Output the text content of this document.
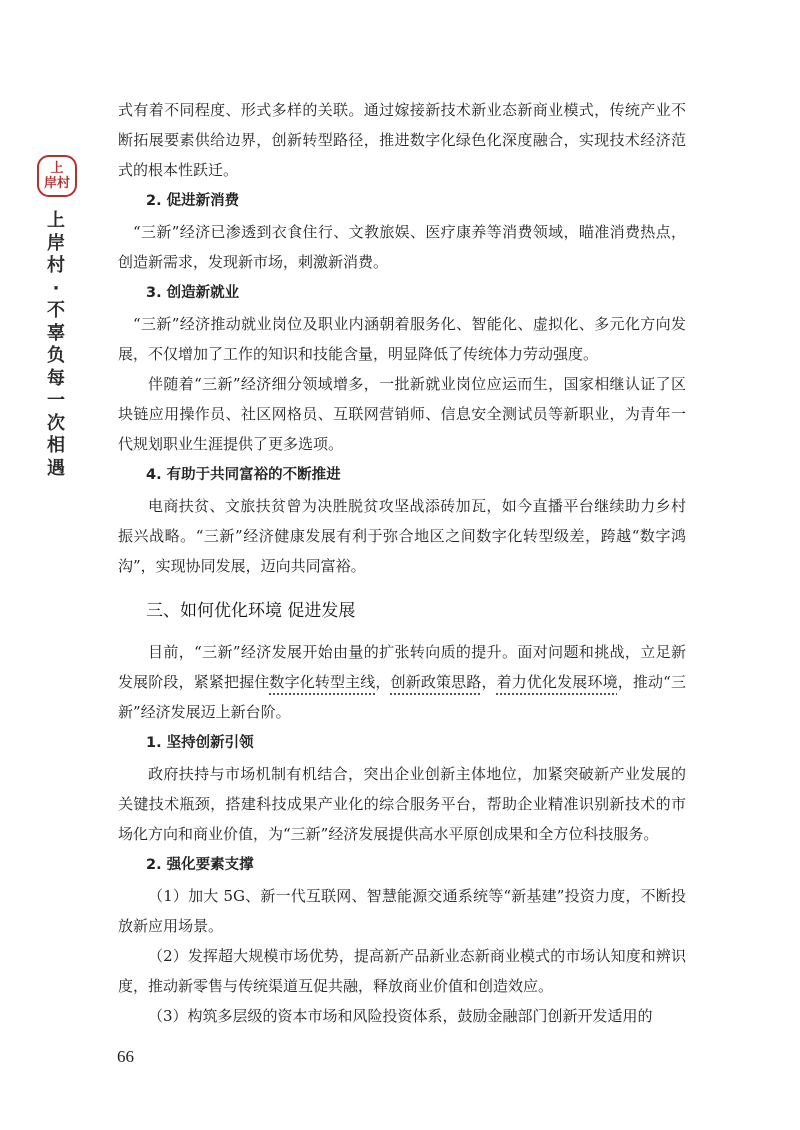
上
岸村
上
岸
村
·
不
辜
负
每
一
次
相
遇

式有着不同程度、形式多样的关联。通过嫁接新技术新业态新商业模式，传统产业不断拓展要素供给边界，创新转型路径，推进数字化绿色化深度融合，实现技术经济范式的根本性跃迁。

2. 促进新消费

“三新”经济已渗透到衣食住行、文教旅娱、医疗康养等消费领域，瞄准消费热点，创造新需求，发现新市场，刺激新消费。

3. 创造新就业

“三新”经济推动就业岗位及职业内涵朝着服务化、智能化、虚拟化、多元化方向发展，不仅增加了工作的知识和技能含量，明显降低了传统体力劳动强度。

伴随着“三新”经济细分领域增多，一批新就业岗位应运而生，国家相继认证了区块链应用操作员、社区网格员、互联网营销师、信息安全测试员等新职业，为青年一代规划职业生涯提供了更多选项。

4. 有助于共同富裕的不断推进

电商扶贫、文旅扶贫曾为决胜脱贫攻坚战添砖加瓦，如今直播平台继续助力乡村振兴战略。“三新”经济健康发展有利于弥合地区之间数字化转型级差，跨越“数字鸿沟”，实现协同发展，迈向共同富裕。

三、如何优化环境 促进发展

目前，“三新”经济发展开始由量的扩张转向质的提升。面对问题和挑战，立足新发展阶段，紧紧把握住数字化转型主线，创新政策思路，着力优化发展环境，推动“三新”经济发展迈上新台阶。

1. 坚持创新引领

政府扶持与市场机制有机结合，突出企业创新主体地位，加紧突破新产业发展的关键技术瓶颈，搭建科技成果产业化的综合服务平台，帮助企业精准识别新技术的市场化方向和商业价值，为“三新”经济发展提供高水平原创成果和全方位科技服务。

2. 强化要素支撑

（1）加大 5G、新一代互联网、智慧能源交通系统等“新基建”投资力度，不断投放新应用场景。

（2）发挥超大规模市场优势，提高新产品新业态新商业模式的市场认知度和辨识度，推动新零售与传统渠道互促共融，释放商业价值和创造效应。

（3）构筑多层级的资本市场和风险投资体系，鼓励金融部门创新开发适用的

66
